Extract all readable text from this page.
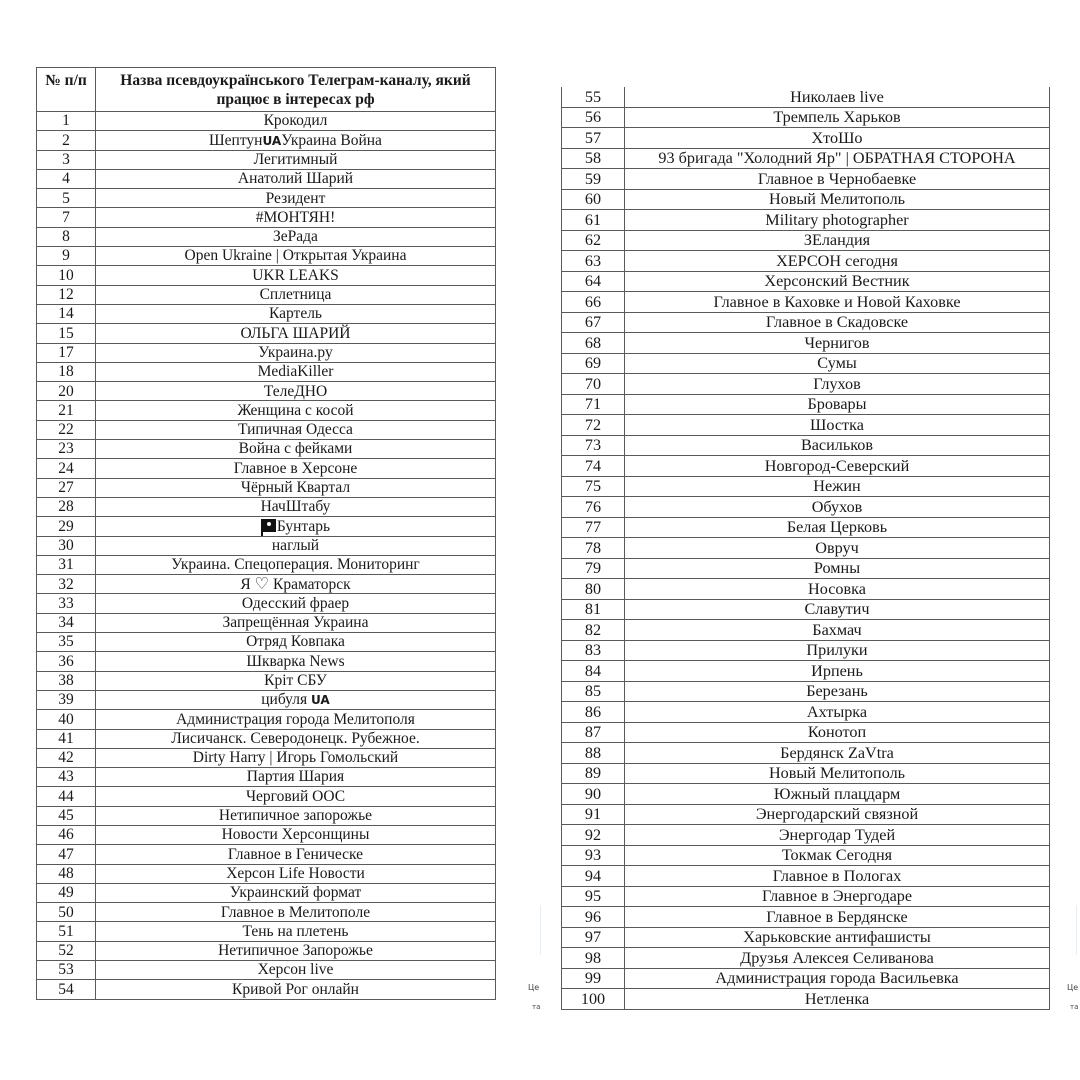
№ п/п	Назва псевдоукраїнського Телеграм-каналу, який працює в інтересах рф
1	Крокодил
2	ШептунUAУкраина Война
3	Легитимный
4	Анатолий Шарий
5	Резидент
7	#МОНТЯН!
8	ЗеРада
9	Open Ukraine | Открытая Украина
10	UKR LEAKS
12	Сплетница
14	Картель
15	ОЛЬГА ШАРИЙ
17	Украина.ру
18	MediaKiller
20	ТелеДНО
21	Женщина с косой
22	Типичная Одесса
23	Война с фейками
24	Главное в Херсоне
27	Чёрный Квартал
28	НачШтабу
29	Бунтарь
30	наглый
31	Украина. Спецоперация. Мониторинг
32	Я ♡ Краматорск
33	Одесский фраер
34	Запрещённая Украина
35	Отряд Ковпака
36	Шкварка News
38	Кріт СБУ
39	цибуля UA
40	Администрация города Мелитополя
41	Лисичанск. Северодонецк. Рубежное.
42	Dirty Harry | Игорь Гомольский
43	Партия Шария
44	Черговий ООС
45	Нетипичное запорожье
46	Новости Херсонщины
47	Главное в Геническе
48	Херсон Life Новости
49	Украинский формат
50	Главное в Мелитополе
51	Тень на плетень
52	Нетипичное Запорожье
53	Херсон live
54	Кривой Рог онлайн
55	Николаев live
56	Тремпель Харьков
57	ХтоШо
58	93 бригада "Холодний Яр" | ОБРАТНАЯ СТОРОНА
59	Главное в Чернобаевке
60	Новый Мелитополь
61	Military photographer
62	ЗЕландия
63	ХЕРСОН сегодня
64	Херсонский Вестник
66	Главное в Каховке и Новой Каховке
67	Главное в Скадовске
68	Чернигов
69	Сумы
70	Глухов
71	Бровары
72	Шостка
73	Васильков
74	Новгород-Северский
75	Нежин
76	Обухов
77	Белая Церковь
78	Овруч
79	Ромны
80	Носовка
81	Славутич
82	Бахмач
83	Прилуки
84	Ирпень
85	Березань
86	Ахтырка
87	Конотоп
88	Бердянск ZaVtra
89	Новый Мелитополь
90	Южный плацдарм
91	Энергодарский связной
92	Энергодар Тудей
93	Токмак Сегодня
94	Главное в Пологах
95	Главное в Энергодаре
96	Главное в Бердянске
97	Харьковские антифашисты
98	Друзья Алексея Селиванова
99	Администрация города Васильевка
100	Нетленка
Це
та
Це
та
